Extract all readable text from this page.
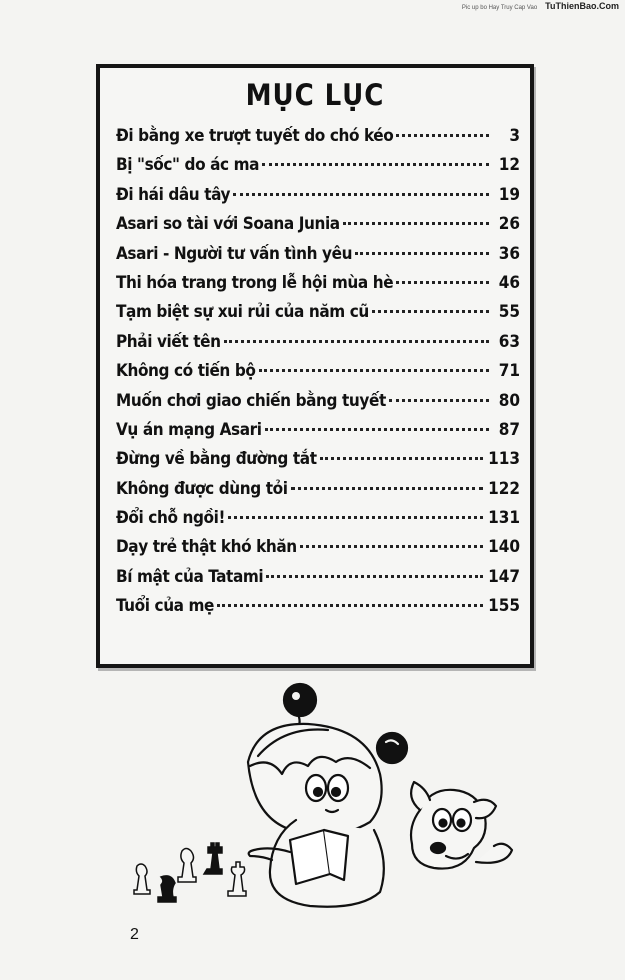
Pic up bo Hay Truy Cap Vao TuThienBao.Com
MỤC LỤC
Đi bằng xe trượt tuyết do chó kéo	3
Bị "sốc" do ác ma	12
Đi hái dâu tây	19
Asari so tài với Soana Junia	26
Asari - Người tư vấn tình yêu	36
Thi hóa trang trong lễ hội mùa hè	46
Tạm biệt sự xui rủi của năm cũ	55
Phải viết tên	63
Không có tiến bộ	71
Muốn chơi giao chiến bằng tuyết	80
Vụ án mạng Asari	87
Đừng về bằng đường tắt	113
Không được dùng tỏi	122
Đổi chỗ ngồi!	131
Dạy trẻ thật khó khăn	140
Bí mật của Tatami	147
Tuổi của mẹ	155
2
